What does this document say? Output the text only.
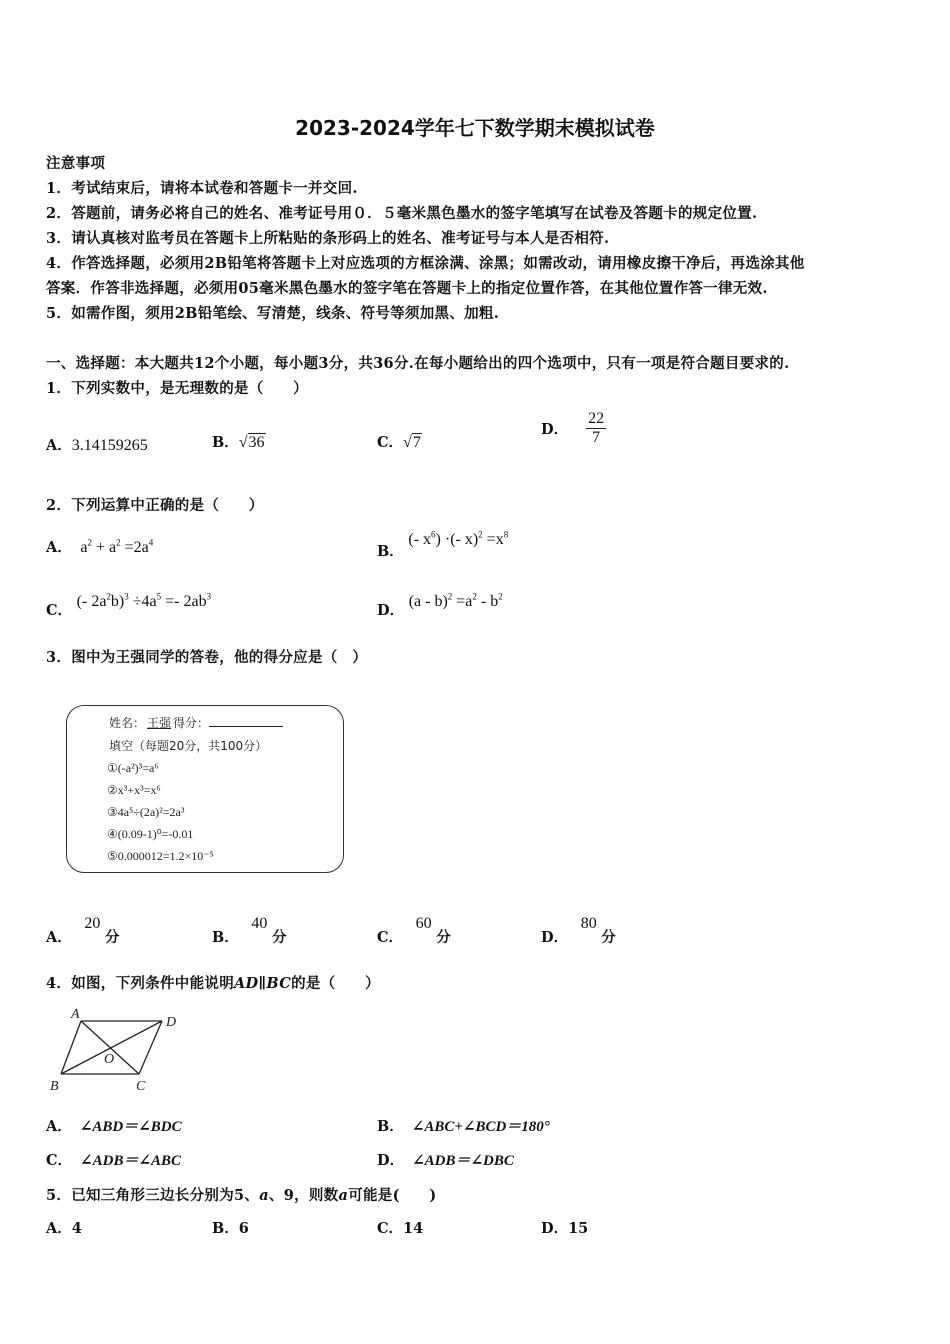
2023-2024学年七下数学期末模拟试卷
注意事项
1．考试结束后，请将本试卷和答题卡一并交回.
2．答题前，请务必将自己的姓名、准考证号用０．５毫米黑色墨水的签字笔填写在试卷及答题卡的规定位置.
3．请认真核对监考员在答题卡上所粘贴的条形码上的姓名、准考证号与本人是否相符.
4．作答选择题，必须用2B铅笔将答题卡上对应选项的方框涂满、涂黑；如需改动，请用橡皮擦干净后，再选涂其他
答案．作答非选择题，必须用05毫米黑色墨水的签字笔在答题卡上的指定位置作答，在其他位置作答一律无效.
5．如需作图，须用2B铅笔绘、写清楚，线条、符号等须加黑、加粗.
一、选择题：本大题共12个小题，每小题3分，共36分.在每小题给出的四个选项中，只有一项是符合题目要求的.
1．下列实数中，是无理数的是（　　）
A．3.14159265	B．√36	C．√7
D． $\frac{22}{7}$
2．下列运算中正确的是（　　）
A． $a^2 + a^2 =2a^4$
B． (- $x^6$) ·(- $x)^2 =x^8$
C． (- $2a^2b)^3 \div 4a^5 =- 2ab^3$
D． $(a - b)^2 =a^2 - b^2$
3．图中为王强同学的答卷，他的得分应是（　）
姓名： 王强 得分：
填空（每题20分，共100分）
①(-a²)³=a⁶
②x³+x³=x⁶
③4a⁵÷(2a)²=2a³
④(0.09-1)⁰=-0.01
⑤0.000012=1.2×10⁻⁵
A． 20 分	B． 40 分	C． 60 分	D． 80 分
4．如图，下列条件中能说明AD∥BC的是（　　）
A
D
O
B	C
A． ∠ABD＝∠BDC	B． ∠ABC+∠BCD＝180°
C． ∠ADB＝∠ABC	D． ∠ADB＝∠DBC
5．已知三角形三边长分别为5、a、9，则数a可能是(　　)
A．4	B．6	C．14	D．15
